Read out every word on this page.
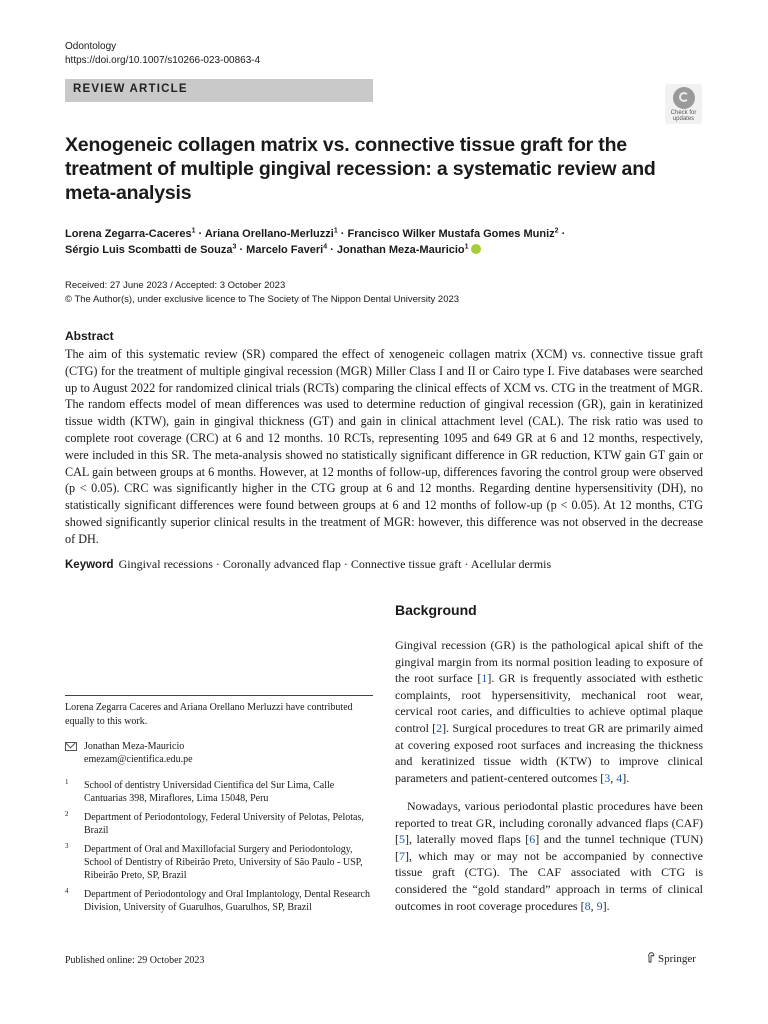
Odontology
https://doi.org/10.1007/s10266-023-00863-4
REVIEW ARTICLE
Check for
updates
Xenogeneic collagen matrix vs. connective tissue graft for the treatment of multiple gingival recession: a systematic review and meta-analysis
Lorena Zegarra-Caceres$^1$ · Ariana Orellano-Merluzzi$^1$ · Francisco Wilker Mustafa Gomes Muniz$^2$ ·
Sérgio Luis Scombatti de Souza$^3$ · Marcelo Faveri$^4$ · Jonathan Meza-Mauricio$^1$
Received: 27 June 2023 / Accepted: 3 October 2023
© The Author(s), under exclusive licence to The Society of The Nippon Dental University 2023
Abstract

The aim of this systematic review (SR) compared the effect of xenogeneic collagen matrix (XCM) vs. connective tissue graft (CTG) for the treatment of multiple gingival recession (MGR) Miller Class I and II or Cairo type I. Five databases were searched up to August 2022 for randomized clinical trials (RCTs) comparing the clinical effects of XCM vs. CTG in the treatment of MGR. The random effects model of mean differences was used to determine reduction of gingival recession (GR), gain in keratinized tissue width (KTW), gain in gingival thickness (GT) and gain in clinical attachment level (CAL). The risk ratio was used to complete root coverage (CRC) at 6 and 12 months. 10 RCTs, representing 1095 and 649 GR at 6 and 12 months, respectively, were included in this SR. The meta-analysis showed no statistically significant difference in GR reduction, KTW gain GT gain or CAL gain between groups at 6 months. However, at 12 months of follow-up, differences favoring the control group were observed (p < 0.05). CRC was significantly higher in the CTG group at 6 and 12 months. Regarding dentine hypersensitivity (DH), no statistically significant differences were found between groups at 6 and 12 months of follow-up (p < 0.05). At 12 months, CTG showed significantly superior clinical results in the treatment of MGR: however, this difference was not observed in the decrease of DH.

Keyword Gingival recessions · Coronally advanced flap · Connective tissue graft · Acellular dermis
Lorena Zegarra Caceres and Ariana Orellano Merluzzi have contributed equally to this work.
Jonathan Meza-Mauricio
emezam@cientifica.edu.pe
1 School of dentistry Universidad Cientifica del Sur Lima, Calle Cantuarias 398, Miraflores, Lima 15048, Peru
2 Department of Periodontology, Federal University of Pelotas, Pelotas, Brazil
3 Department of Oral and Maxillofacial Surgery and Periodontology, School of Dentistry of Ribeirão Preto, University of São Paulo - USP, Ribeirão Preto, SP, Brazil
4 Department of Periodontology and Oral Implantology, Dental Research Division, University of Guarulhos, Guarulhos, SP, Brazil
Background

Gingival recession (GR) is the pathological apical shift of the gingival margin from its normal position leading to exposure of the root surface [1]. GR is frequently associated with esthetic complaints, root hypersensitivity, mechanical root wear, cervical root caries, and difficulties to achieve optimal plaque control [2]. Surgical procedures to treat GR are primarily aimed at covering exposed root surfaces and increasing the thickness and keratinized tissue width (KTW) to improve clinical parameters and patient-centered outcomes [3, 4].

Nowadays, various periodontal plastic procedures have been reported to treat GR, including coronally advanced flaps (CAF) [5], laterally moved flaps [6] and the tunnel technique (TUN) [7], which may or may not be accompanied by connective tissue graft (CTG). The CAF associated with CTG is considered the “gold standard” approach in terms of clinical outcomes in root coverage procedures [8, 9].

Published online: 29 October 2023	Springer
